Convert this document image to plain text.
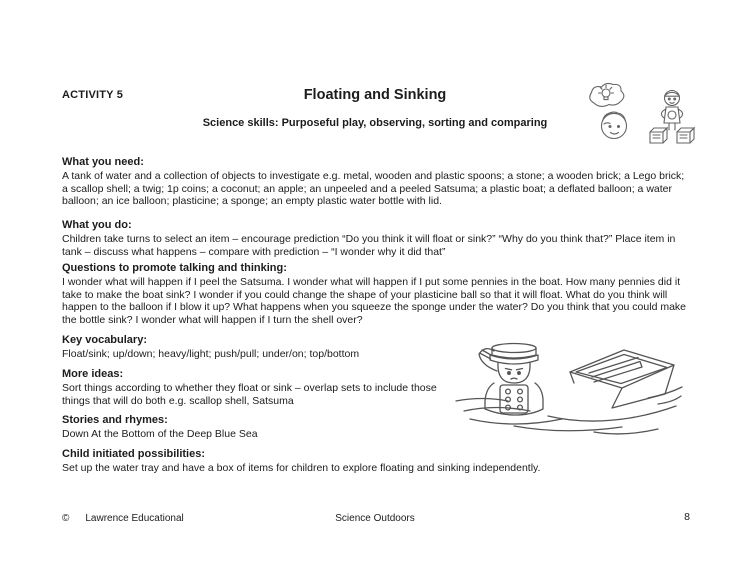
ACTIVITY 5	Floating and Sinking
Science skills: Purposeful play, observing, sorting and comparing
What you need:

A tank of water and a collection of objects to investigate e.g. metal, wooden and plastic spoons; a stone; a wooden brick; a Lego brick; a scallop shell; a twig; 1p coins; a coconut; an apple; an unpeeled and a peeled Satsuma; a plastic boat; a deflated balloon; a water balloon; an ice balloon; plasticine; a sponge; an empty plastic water bottle with lid.

What you do:

Children take turns to select an item – encourage prediction “Do you think it will float or sink?” “Why do you think that?” Place item in tank – discuss what happens – compare with prediction – “I wonder why it did that”

Questions to promote talking and thinking:

I wonder what will happen if I peel the Satsuma. I wonder what will happen if I put some pennies in the boat. How many pennies did it take to make the boat sink? I wonder if you could change the shape of your plasticine ball so that it will float. What do you think will happen to the balloon if I blow it up? What happens when you squeeze the sponge under the water? Do you think that you could make the bottle sink? I wonder what will happen if I turn the shell over?

Key vocabulary:

Float/sink; up/down; heavy/light; push/pull; under/on; top/bottom

More ideas:

Sort things according to whether they float or sink – overlap sets to include those things that will do both e.g. scallop shell, Satsuma

Stories and rhymes:

Down At the Bottom of the Deep Blue Sea

Child initiated possibilities:

Set up the water tray and have a box of items for children to explore floating and sinking independently.

© Lawrence Educational	Science Outdoors	8
